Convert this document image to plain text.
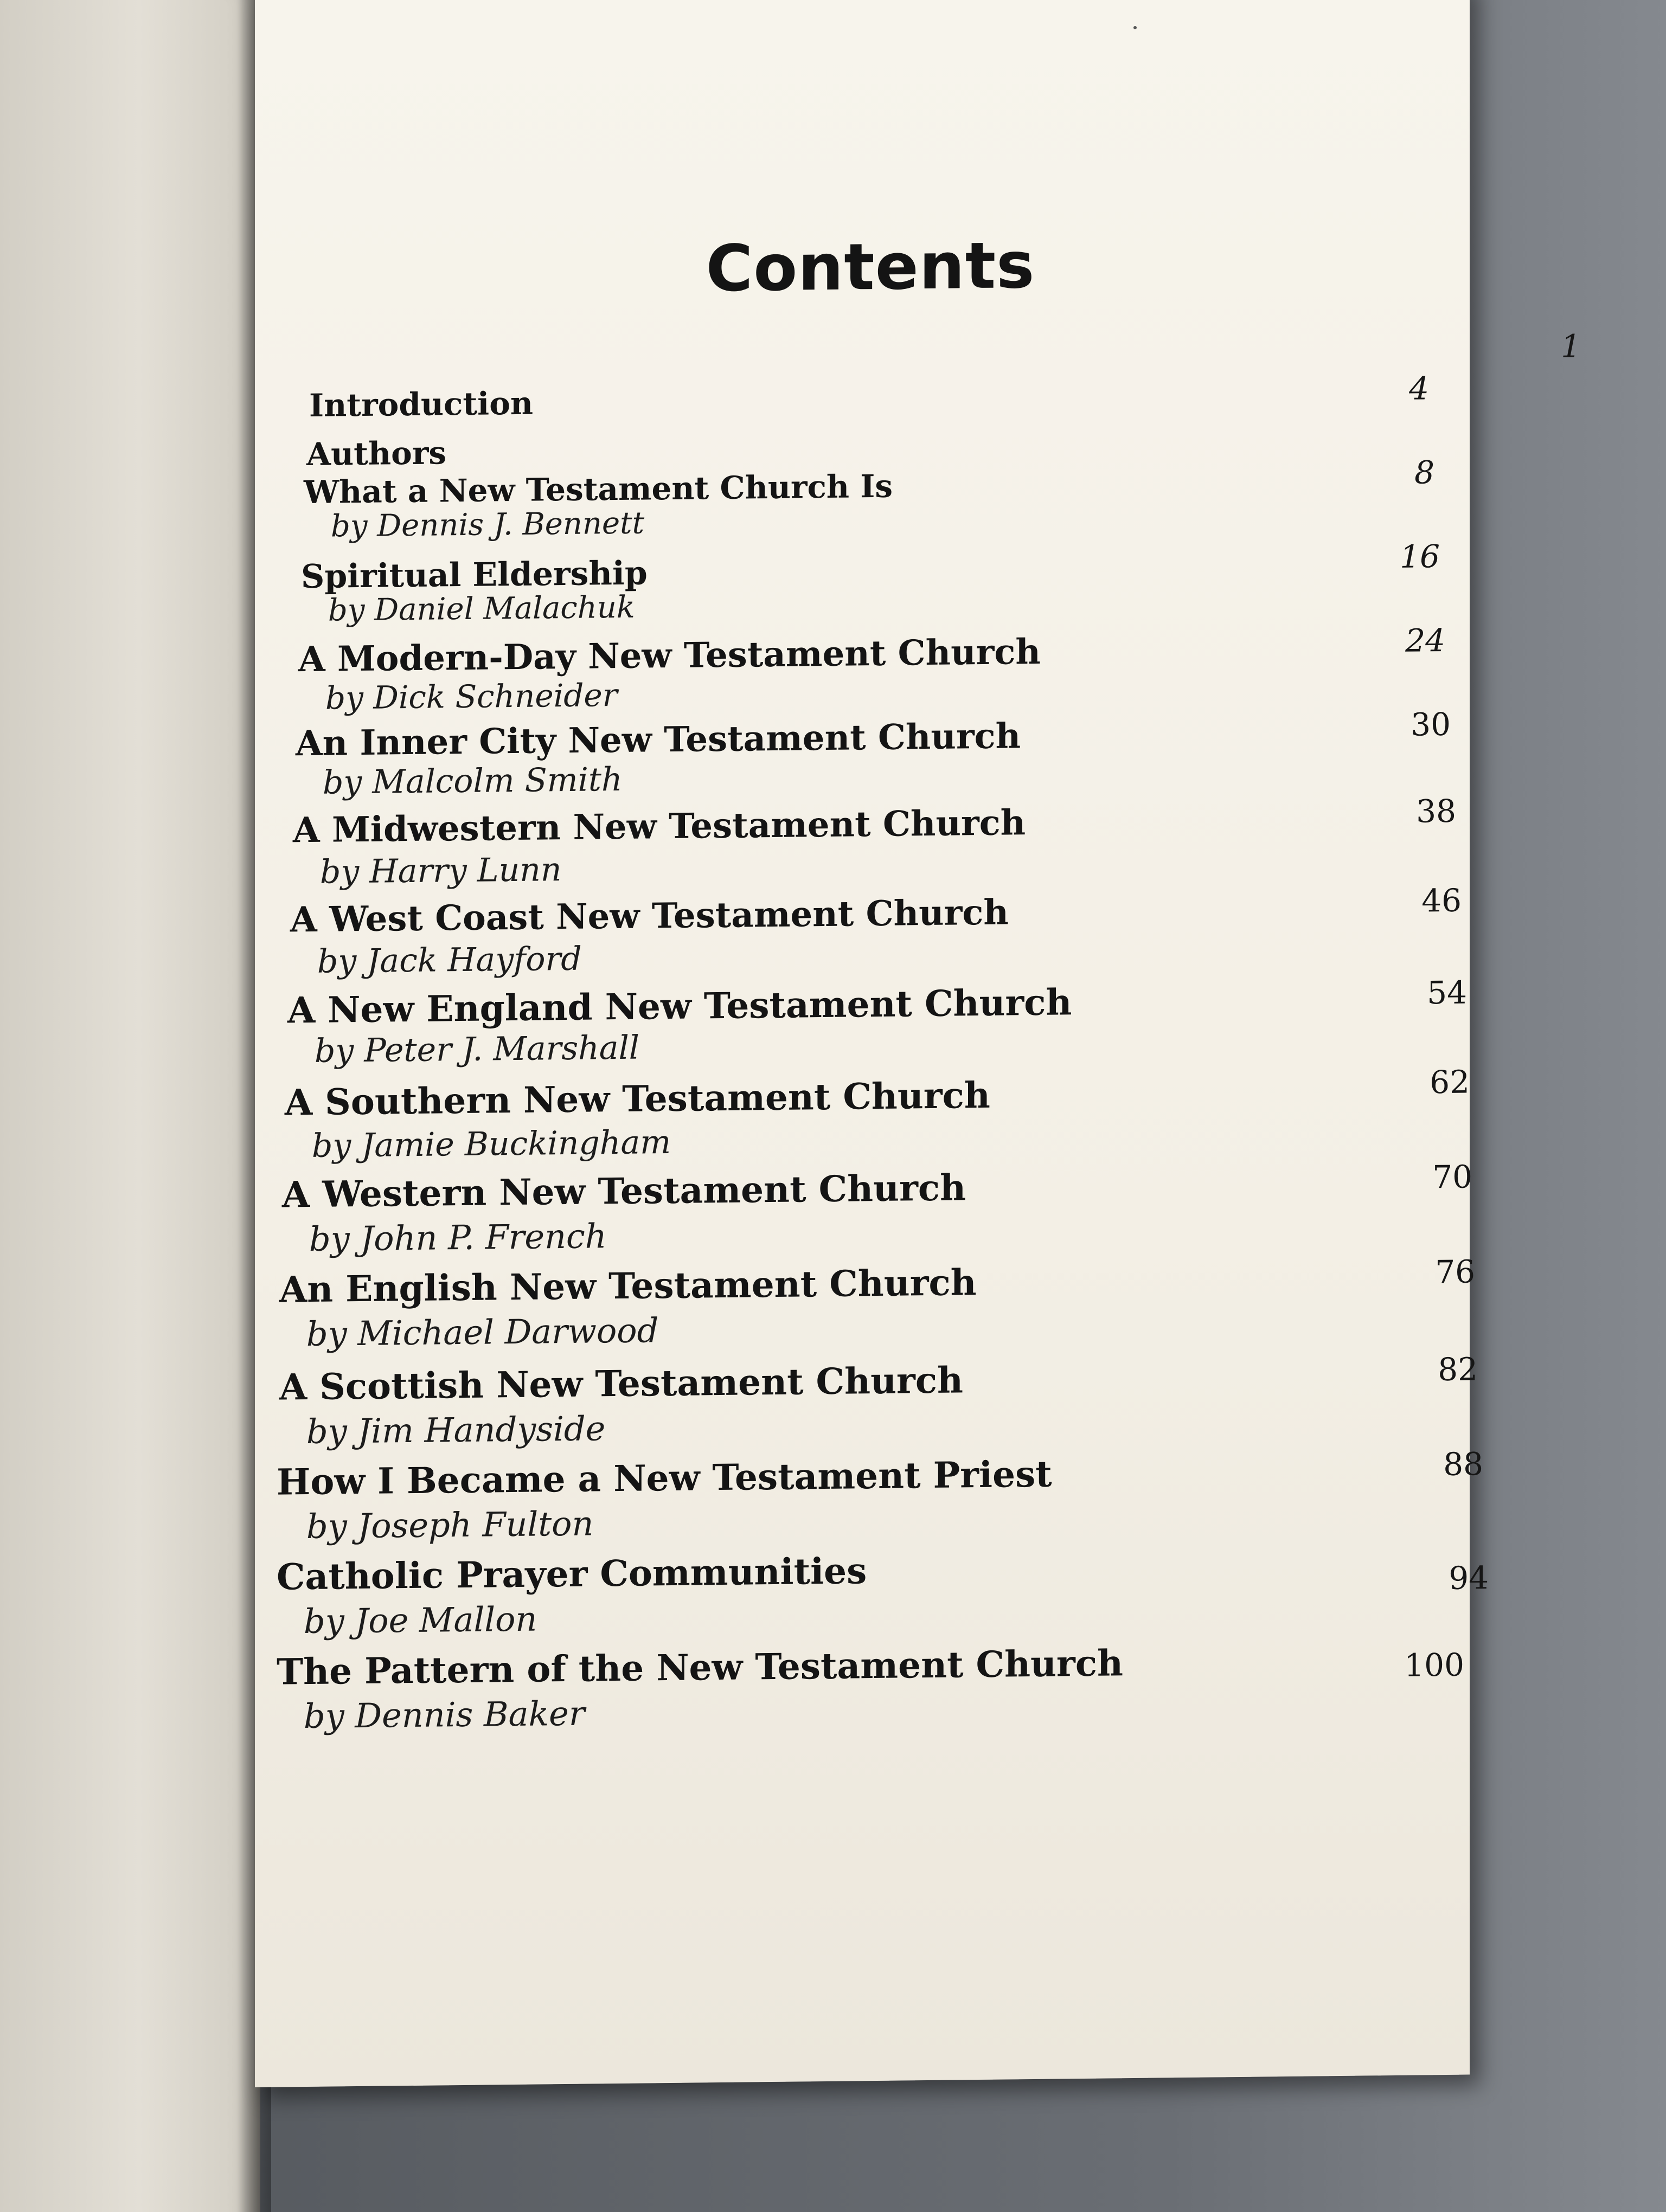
Contents
1
Introduction	4
Authors
What a New Testament Church Is
by Dennis J. Bennett
8
Spiritual Eldership
by Daniel Malachuk
16
A Modern-Day New Testament Church
by Dick Schneider
24
An Inner City New Testament Church
by Malcolm Smith
30
A Midwestern New Testament Church
by Harry Lunn
38
A West Coast New Testament Church
by Jack Hayford
46
A New England New Testament Church
by Peter J. Marshall
54
A Southern New Testament Church
by Jamie Buckingham
62
A Western New Testament Church
by John P. French
70
An English New Testament Church
by Michael Darwood
76
A Scottish New Testament Church
by Jim Handyside
82
How I Became a New Testament Priest
by Joseph Fulton
88
Catholic Prayer Communities
by Joe Mallon
94
The Pattern of the New Testament Church
by Dennis Baker
100
